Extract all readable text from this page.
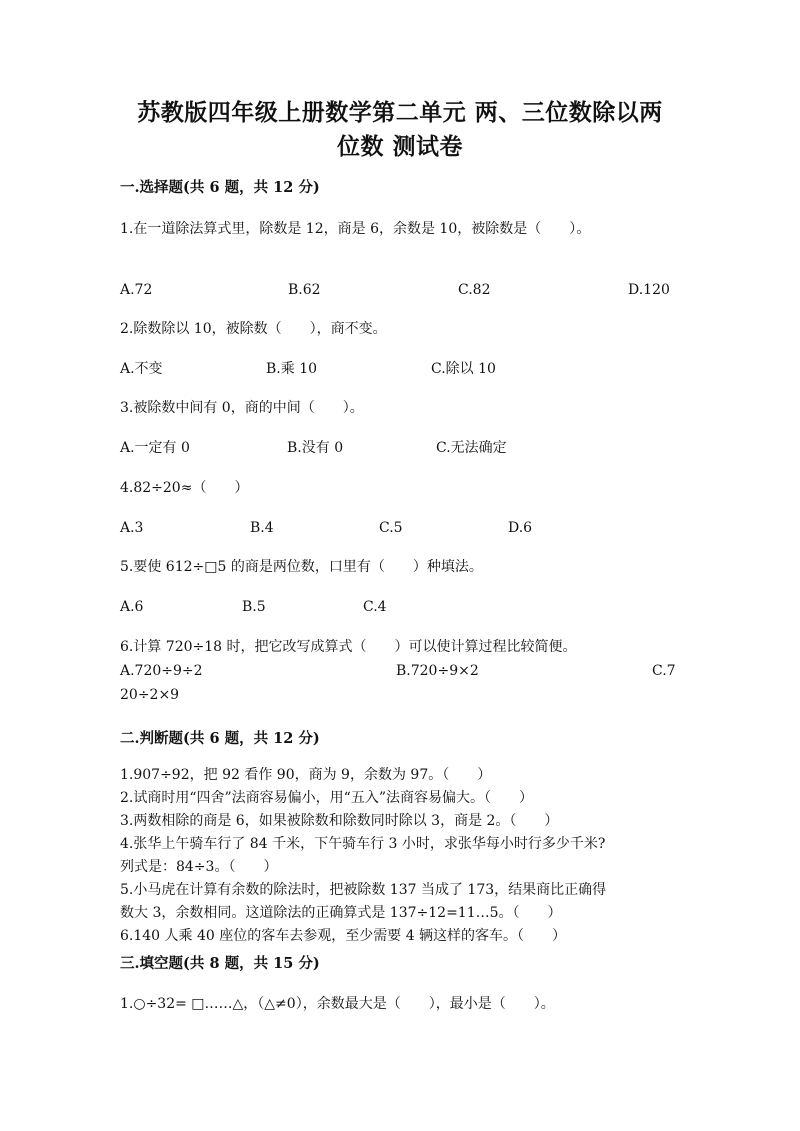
苏教版四年级上册数学第二单元 两、三位数除以两
位数 测试卷
一.选择题(共 6 题，共 12 分)
1.在一道除法算式里，除数是 12，商是 6，余数是 10，被除数是（　　）。
A.72	B.62	C.82	D.120
2.除数除以 10，被除数（　　），商不变。
A.不变	B.乘 10	C.除以 10
3.被除数中间有 0，商的中间（　　）。
A.一定有 0	B.没有 0	C.无法确定
4.82÷20≈（　　）
A.3	B.4	C.5	D.6
5.要使 612÷□5 的商是两位数，口里有（　　）种填法。
A.6	B.5	C.4
6.计算 720÷18 时，把它改写成算式（　　）可以使计算过程比较简便。
A.720÷9÷2	B.720÷9×2	C.7
20÷2×9
二.判断题(共 6 题，共 12 分)
1.907÷92，把 92 看作 90，商为 9，余数为 97。（　　）
2.试商时用“四舍”法商容易偏小，用“五入”法商容易偏大。（　　）
3.两数相除的商是 6，如果被除数和除数同时除以 3，商是 2。（　　）
4.张华上午骑车行了 84 千米，下午骑车行 3 小时，求张华每小时行多少千米?
列式是：84÷3。（　　）
5.小马虎在计算有余数的除法时，把被除数 137 当成了 173，结果商比正确得
数大 3，余数相同。这道除法的正确算式是 137÷12=11…5。（　　）
6.140 人乘 40 座位的客车去参观，至少需要 4 辆这样的客车。（　　）
三.填空题(共 8 题，共 15 分)
1.○÷32= □……△，（△≠0），余数最大是（　　），最小是（　　）。
